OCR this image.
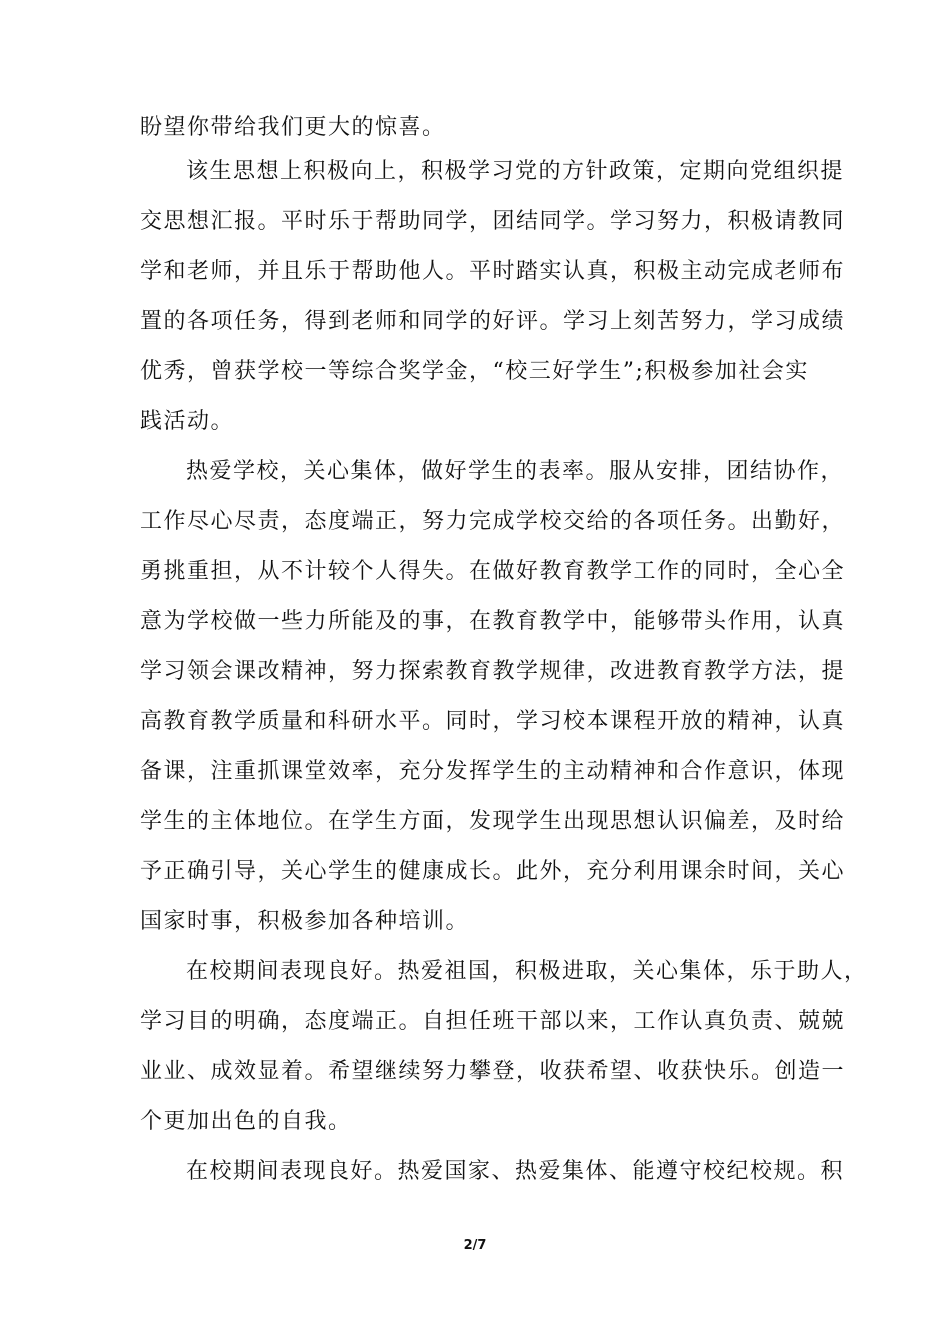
盼望你带给我们更大的惊喜。
该生思想上积极向上，积极学习党的方针政策，定期向党组织提
交思想汇报。平时乐于帮助同学，团结同学。学习努力，积极请教同
学和老师，并且乐于帮助他人。平时踏实认真，积极主动完成老师布
置的各项任务，得到老师和同学的好评。学习上刻苦努力，学习成绩
优秀，曾获学校一等综合奖学金，“校三好学生”;积极参加社会实
践活动。
热爱学校，关心集体，做好学生的表率。服从安排，团结协作，
工作尽心尽责，态度端正，努力完成学校交给的各项任务。出勤好，
勇挑重担，从不计较个人得失。在做好教育教学工作的同时，全心全
意为学校做一些力所能及的事，在教育教学中，能够带头作用，认真
学习领会课改精神，努力探索教育教学规律，改进教育教学方法，提
高教育教学质量和科研水平。同时，学习校本课程开放的精神，认真
备课，注重抓课堂效率，充分发挥学生的主动精神和合作意识，体现
学生的主体地位。在学生方面，发现学生出现思想认识偏差，及时给
予正确引导，关心学生的健康成长。此外，充分利用课余时间，关心
国家时事，积极参加各种培训。
在校期间表现良好。热爱祖国，积极进取，关心集体，乐于助人，
学习目的明确，态度端正。自担任班干部以来，工作认真负责、兢兢
业业、成效显着。希望继续努力攀登，收获希望、收获快乐。创造一
个更加出色的自我。
在校期间表现良好。热爱国家、热爱集体、能遵守校纪校规。积
2/7
